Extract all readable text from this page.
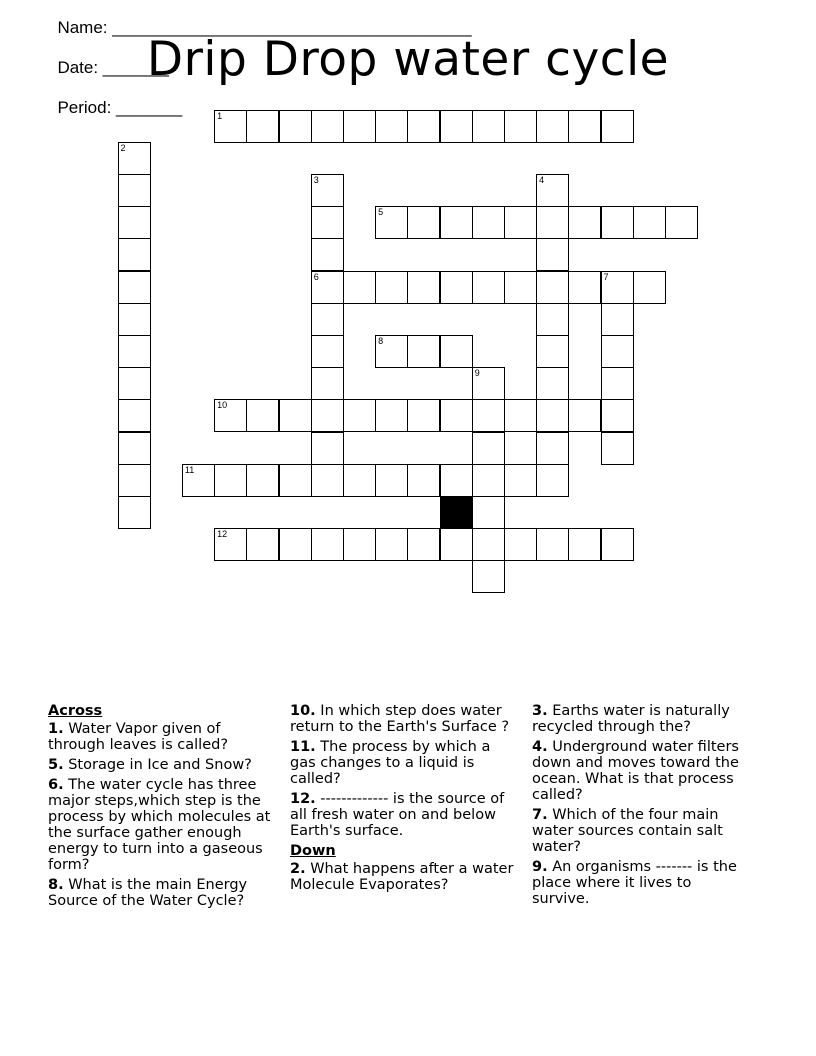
Name: ______________________________________

Date: _______

Period: _______

Drip Drop water cycle
1
2
3
6
4
5
7
8
9
10
11
12
Across
1. Water Vapor given of through leaves is called?
5. Storage in Ice and Snow?
6. The water cycle has three major steps,which step is the process by which molecules at the surface gather enough energy to turn into a gaseous form?
8. What is the main Energy Source of the Water Cycle?
10. In which step does water return to the Earth's Surface ?
11. The process by which a gas changes to a liquid is called?
12. ------------- is the source of all fresh water on and below Earth's surface.
Down
2. What happens after a water Molecule Evaporates?
3. Earths water is naturally recycled through the?
4. Underground water filters down and moves toward the ocean. What is that process called?
7. Which of the four main water sources contain salt water?
9. An organisms ------- is the place where it lives to survive.
